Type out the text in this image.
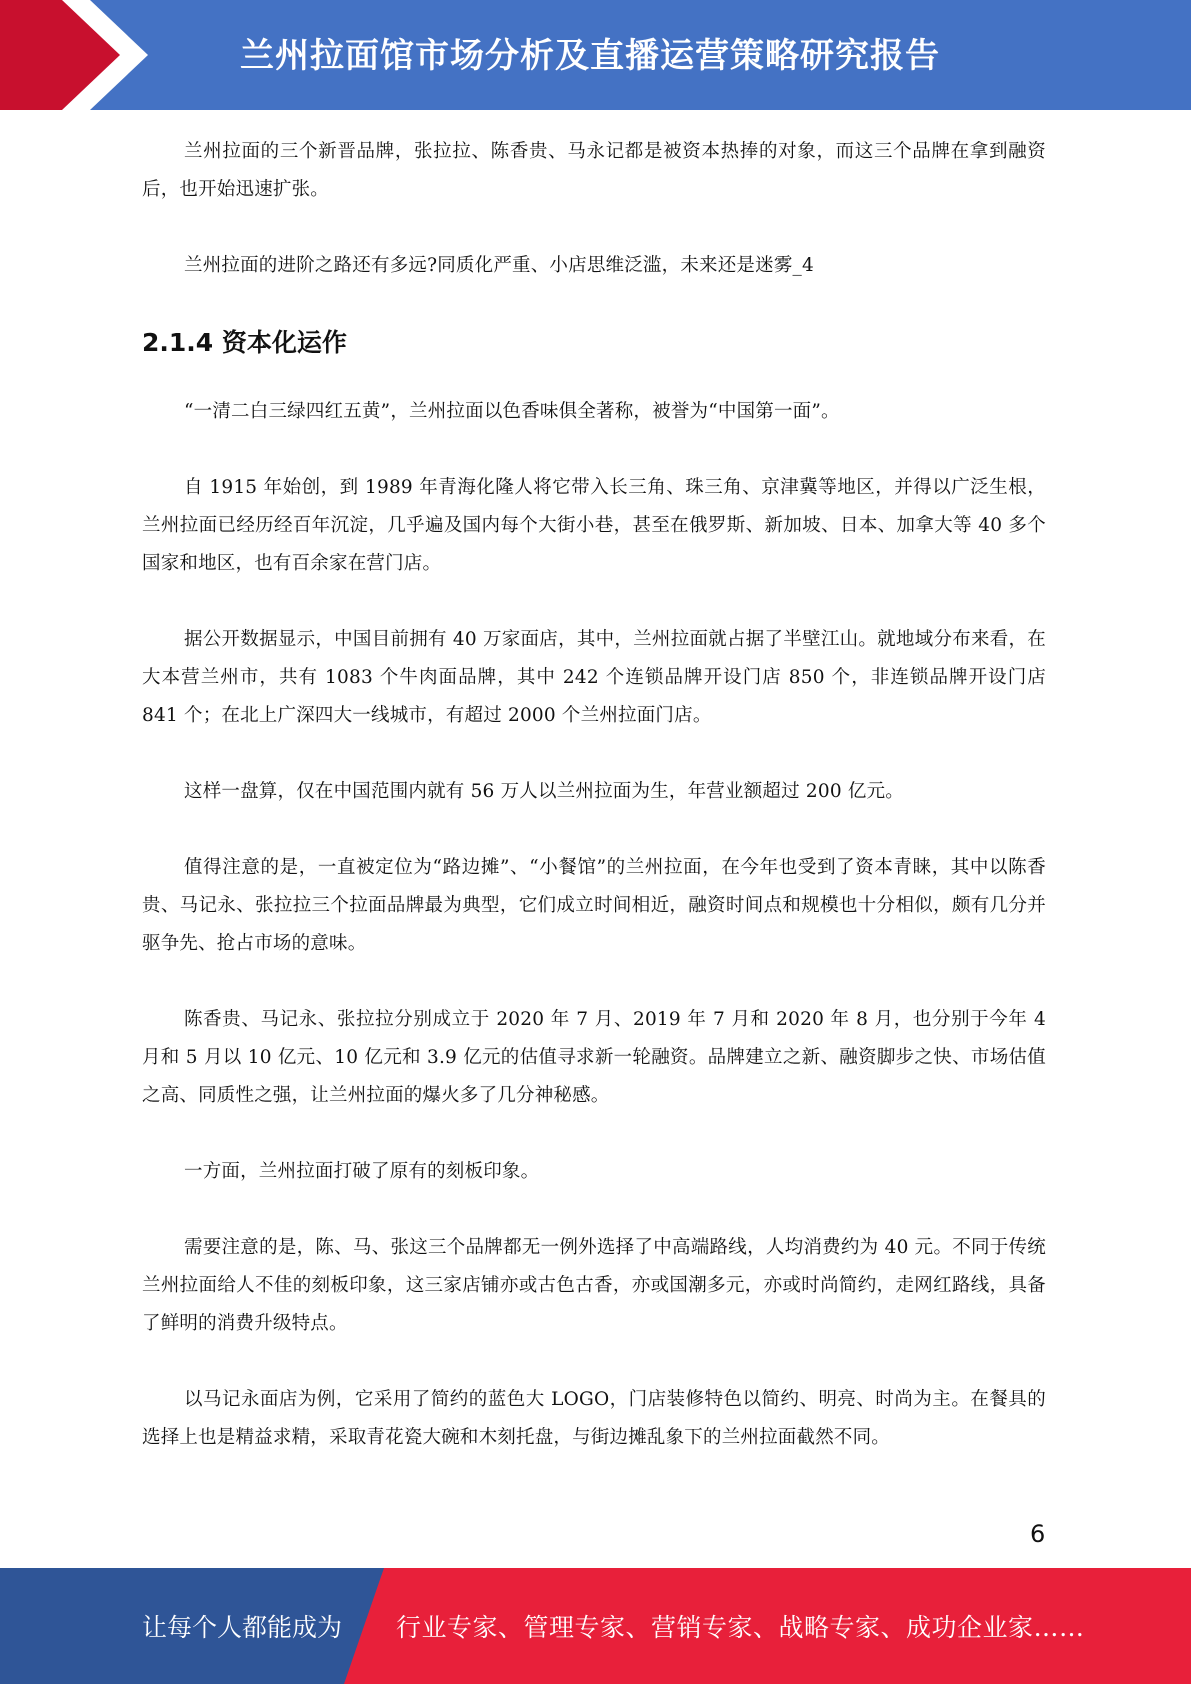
兰州拉面馆市场分析及直播运营策略研究报告

兰州拉面的三个新晋品牌，张拉拉、陈香贵、马永记都是被资本热捧的对象，而这三个品牌在拿到融资后，也开始迅速扩张。

兰州拉面的进阶之路还有多远?同质化严重、小店思维泛滥，未来还是迷雾_4

2.1.4 资本化运作

“一清二白三绿四红五黄”，兰州拉面以色香味俱全著称，被誉为“中国第一面”。

自 1915 年始创，到 1989 年青海化隆人将它带入长三角、珠三角、京津冀等地区，并得以广泛生根，兰州拉面已经历经百年沉淀，几乎遍及国内每个大街小巷，甚至在俄罗斯、新加坡、日本、加拿大等 40 多个国家和地区，也有百余家在营门店。

据公开数据显示，中国目前拥有 40 万家面店，其中，兰州拉面就占据了半壁江山。就地域分布来看，在大本营兰州市，共有 1083 个牛肉面品牌，其中 242 个连锁品牌开设门店 850 个，非连锁品牌开设门店 841 个；在北上广深四大一线城市，有超过 2000 个兰州拉面门店。

这样一盘算，仅在中国范围内就有 56 万人以兰州拉面为生，年营业额超过 200 亿元。

值得注意的是，一直被定位为“路边摊”、“小餐馆”的兰州拉面，在今年也受到了资本青睐，其中以陈香贵、马记永、张拉拉三个拉面品牌最为典型，它们成立时间相近，融资时间点和规模也十分相似，颇有几分并驱争先、抢占市场的意味。

陈香贵、马记永、张拉拉分别成立于 2020 年 7 月、2019 年 7 月和 2020 年 8 月，也分别于今年 4 月和 5 月以 10 亿元、10 亿元和 3.9 亿元的估值寻求新一轮融资。品牌建立之新、融资脚步之快、市场估值之高、同质性之强，让兰州拉面的爆火多了几分神秘感。

一方面，兰州拉面打破了原有的刻板印象。

需要注意的是，陈、马、张这三个品牌都无一例外选择了中高端路线，人均消费约为 40 元。不同于传统兰州拉面给人不佳的刻板印象，这三家店铺亦或古色古香，亦或国潮多元，亦或时尚简约，走网红路线，具备了鲜明的消费升级特点。

以马记永面店为例，它采用了简约的蓝色大 LOGO，门店装修特色以简约、明亮、时尚为主。在餐具的选择上也是精益求精，采取青花瓷大碗和木刻托盘，与街边摊乱象下的兰州拉面截然不同。

6
让每个人都能成为 行业专家、管理专家、营销专家、战略专家、成功企业家……
